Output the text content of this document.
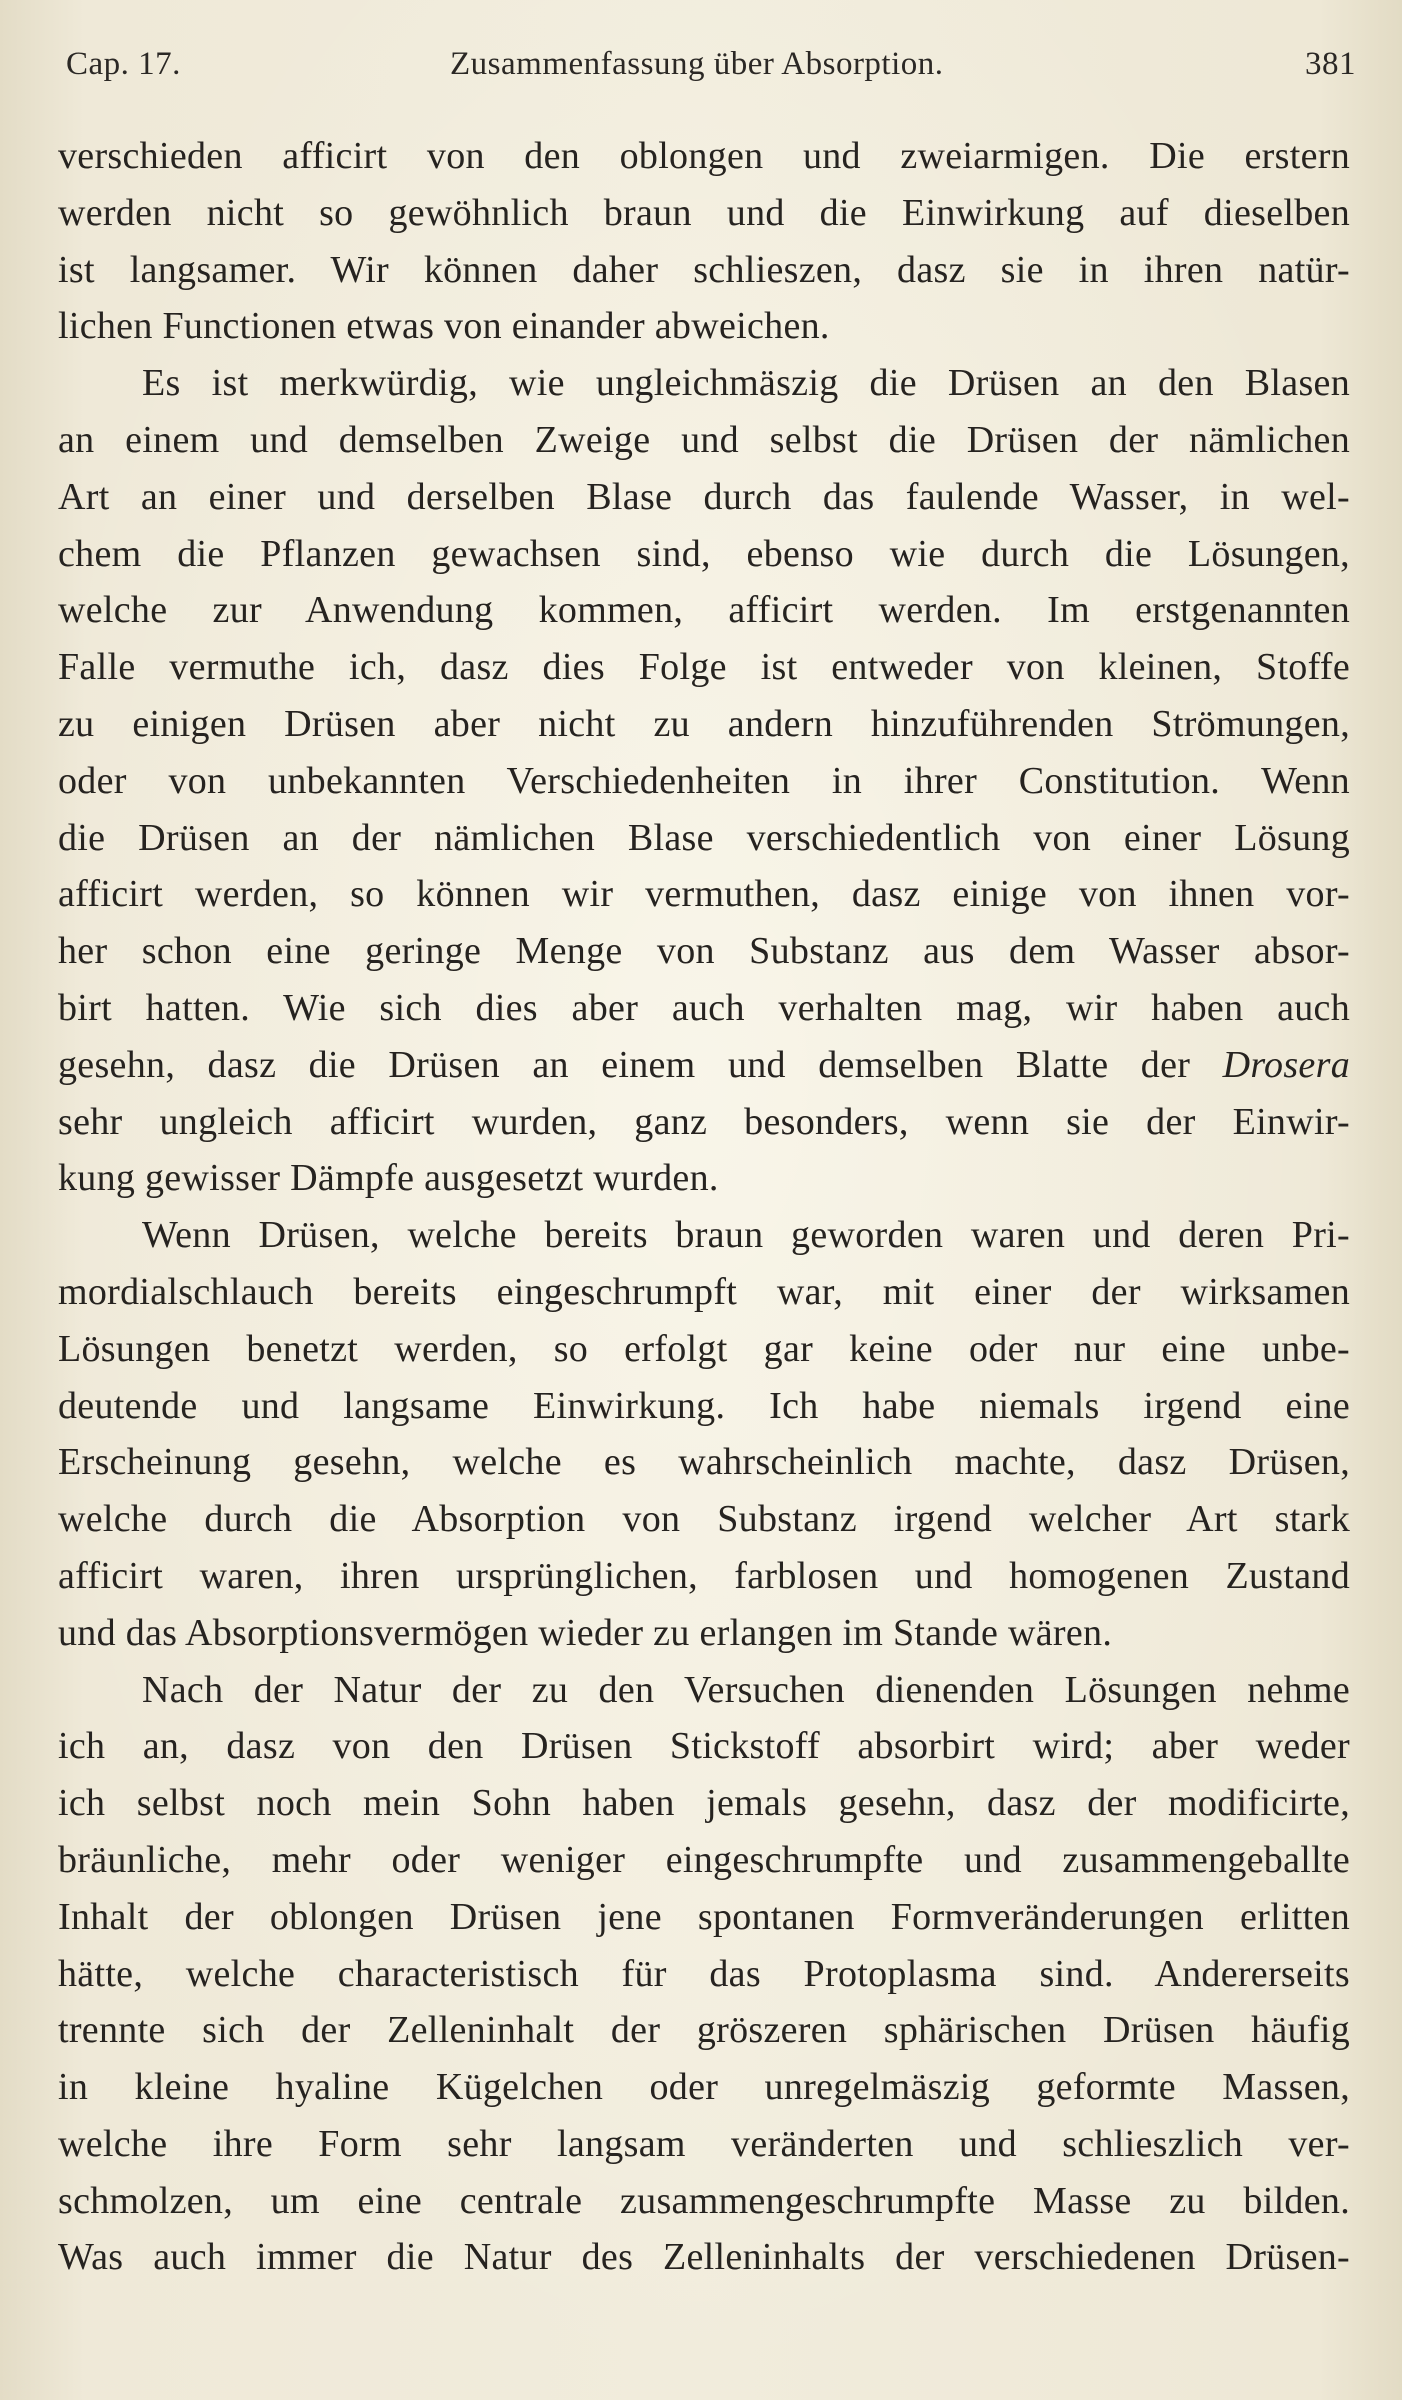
Cap. 17.	Zusammenfassung über Absorption.	381
verschieden afficirt von den oblongen und zweiarmigen. Die erstern
werden nicht so gewöhnlich braun und die Einwirkung auf dieselben
ist langsamer. Wir können daher schlieszen, dasz sie in ihren natür-
lichen Functionen etwas von einander abweichen.
Es ist merkwürdig, wie ungleichmäszig die Drüsen an den Blasen
an einem und demselben Zweige und selbst die Drüsen der nämlichen
Art an einer und derselben Blase durch das faulende Wasser, in wel-
chem die Pflanzen gewachsen sind, ebenso wie durch die Lösungen,
welche zur Anwendung kommen, afficirt werden. Im erstgenannten
Falle vermuthe ich, dasz dies Folge ist entweder von kleinen, Stoffe
zu einigen Drüsen aber nicht zu andern hinzuführenden Strömungen,
oder von unbekannten Verschiedenheiten in ihrer Constitution. Wenn
die Drüsen an der nämlichen Blase verschiedentlich von einer Lösung
afficirt werden, so können wir vermuthen, dasz einige von ihnen vor-
her schon eine geringe Menge von Substanz aus dem Wasser absor-
birt hatten. Wie sich dies aber auch verhalten mag, wir haben auch
gesehn, dasz die Drüsen an einem und demselben Blatte der Drosera
sehr ungleich afficirt wurden, ganz besonders, wenn sie der Einwir-
kung gewisser Dämpfe ausgesetzt wurden.
Wenn Drüsen, welche bereits braun geworden waren und deren Pri-
mordialschlauch bereits eingeschrumpft war, mit einer der wirksamen
Lösungen benetzt werden, so erfolgt gar keine oder nur eine unbe-
deutende und langsame Einwirkung. Ich habe niemals irgend eine
Erscheinung gesehn, welche es wahrscheinlich machte, dasz Drüsen,
welche durch die Absorption von Substanz irgend welcher Art stark
afficirt waren, ihren ursprünglichen, farblosen und homogenen Zustand
und das Absorptionsvermögen wieder zu erlangen im Stande wären.
Nach der Natur der zu den Versuchen dienenden Lösungen nehme
ich an, dasz von den Drüsen Stickstoff absorbirt wird; aber weder
ich selbst noch mein Sohn haben jemals gesehn, dasz der modificirte,
bräunliche, mehr oder weniger eingeschrumpfte und zusammengeballte
Inhalt der oblongen Drüsen jene spontanen Formveränderungen erlitten
hätte, welche characteristisch für das Protoplasma sind. Andererseits
trennte sich der Zelleninhalt der gröszeren sphärischen Drüsen häufig
in kleine hyaline Kügelchen oder unregelmäszig geformte Massen,
welche ihre Form sehr langsam veränderten und schlieszlich ver-
schmolzen, um eine centrale zusammengeschrumpfte Masse zu bilden.
Was auch immer die Natur des Zelleninhalts der verschiedenen Drüsen-
